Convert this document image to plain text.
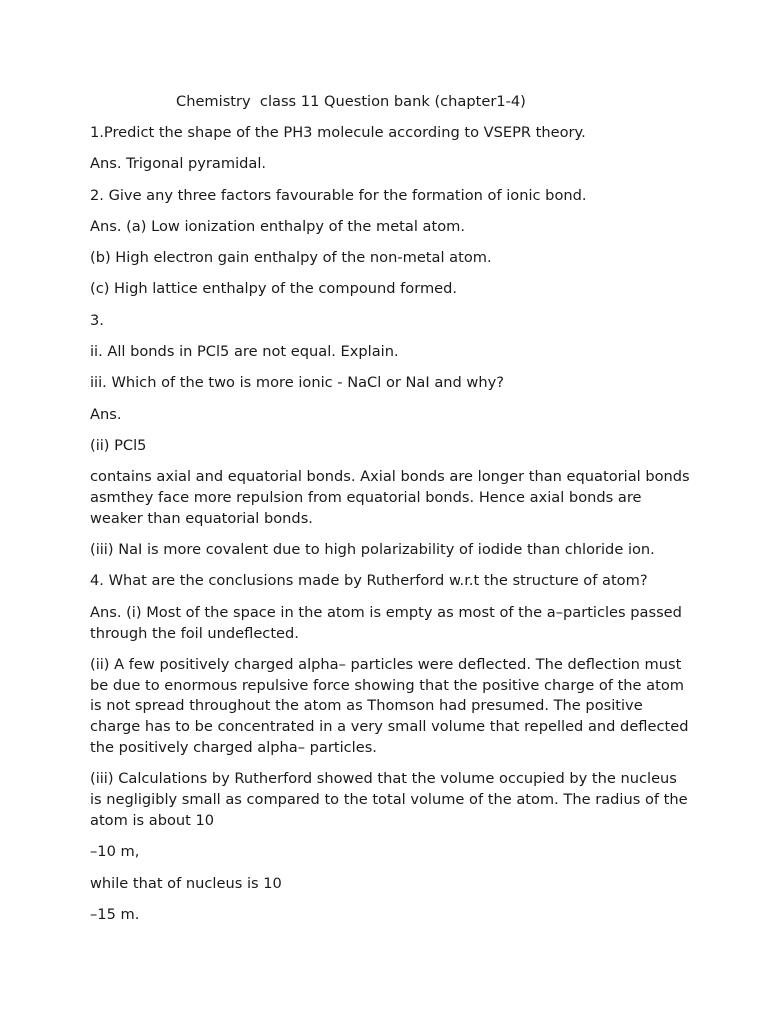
Chemistry  class 11 Question bank (chapter1-4)

1.Predict the shape of the PH3 molecule according to VSEPR theory.

Ans. Trigonal pyramidal.

2. Give any three factors favourable for the formation of ionic bond.

Ans. (a) Low ionization enthalpy of the metal atom.

(b) High electron gain enthalpy of the non-metal atom.

(c) High lattice enthalpy of the compound formed.

3.

ii. All bonds in PCl5 are not equal. Explain.

iii. Which of the two is more ionic - NaCl or NaI and why?

Ans.

(ii) PCl5

contains axial and equatorial bonds. Axial bonds are longer than equatorial bonds asmthey face more repulsion from equatorial bonds. Hence axial bonds are weaker than equatorial bonds.

(iii) NaI is more covalent due to high polarizability of iodide than chloride ion.

4. What are the conclusions made by Rutherford w.r.t the structure of atom?

Ans. (i) Most of the space in the atom is empty as most of the a–particles passed through the foil undeflected.

(ii) A few positively charged alpha– particles were deflected. The deflection must be due to enormous repulsive force showing that the positive charge of the atom is not spread throughout the atom as Thomson had presumed. The positive charge has to be concentrated in a very small volume that repelled and deflected the positively charged alpha– particles.

(iii) Calculations by Rutherford showed that the volume occupied by the nucleus is negligibly small as compared to the total volume of the atom. The radius of the atom is about 10

–10 m,

while that of nucleus is 10

–15 m.
